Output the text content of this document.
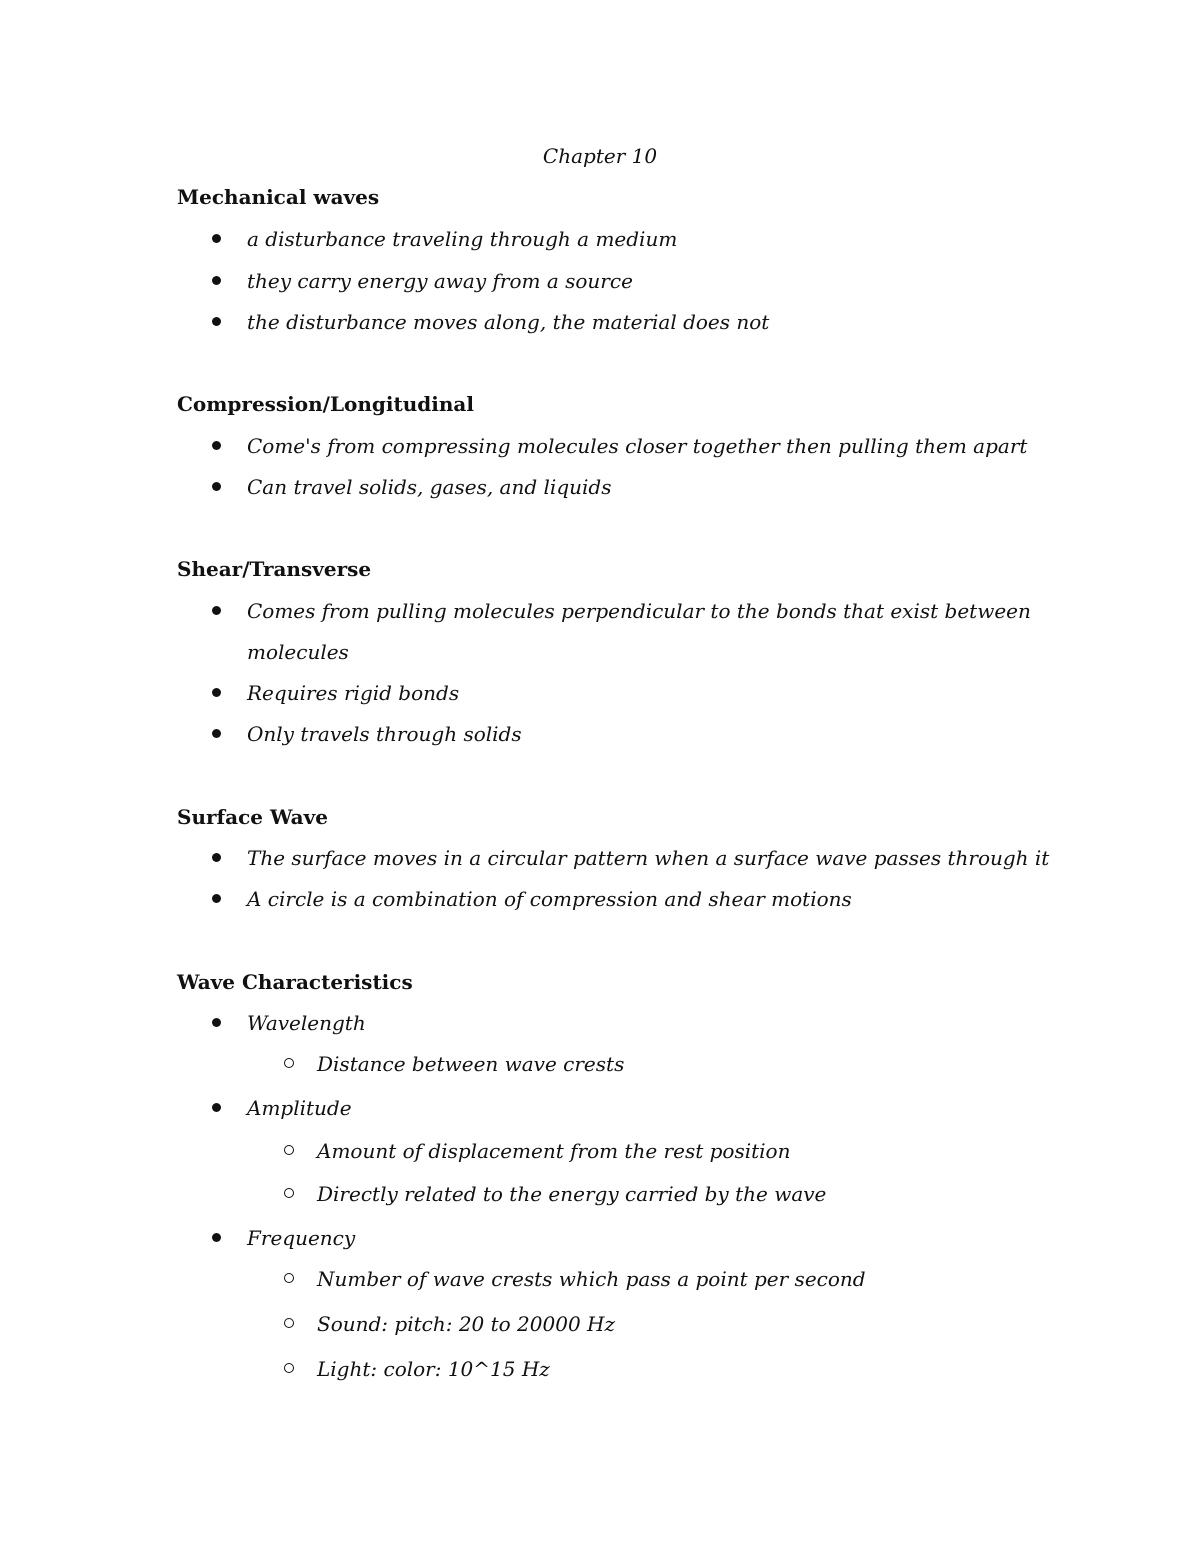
Chapter 10
Mechanical waves
a disturbance traveling through a medium
they carry energy away from a source
the disturbance moves along, the material does not
Compression/Longitudinal
Come's from compressing molecules closer together then pulling them apart
Can travel solids, gases, and liquids
Shear/Transverse
Comes from pulling molecules perpendicular to the bonds that exist between
molecules
Requires rigid bonds
Only travels through solids
Surface Wave
The surface moves in a circular pattern when a surface wave passes through it
A circle is a combination of compression and shear motions
Wave Characteristics
Wavelength
Distance between wave crests
Amplitude
Amount of displacement from the rest position
Directly related to the energy carried by the wave
Frequency
Number of wave crests which pass a point per second
Sound: pitch: 20 to 20000 Hz
Light: color: 10^15 Hz
